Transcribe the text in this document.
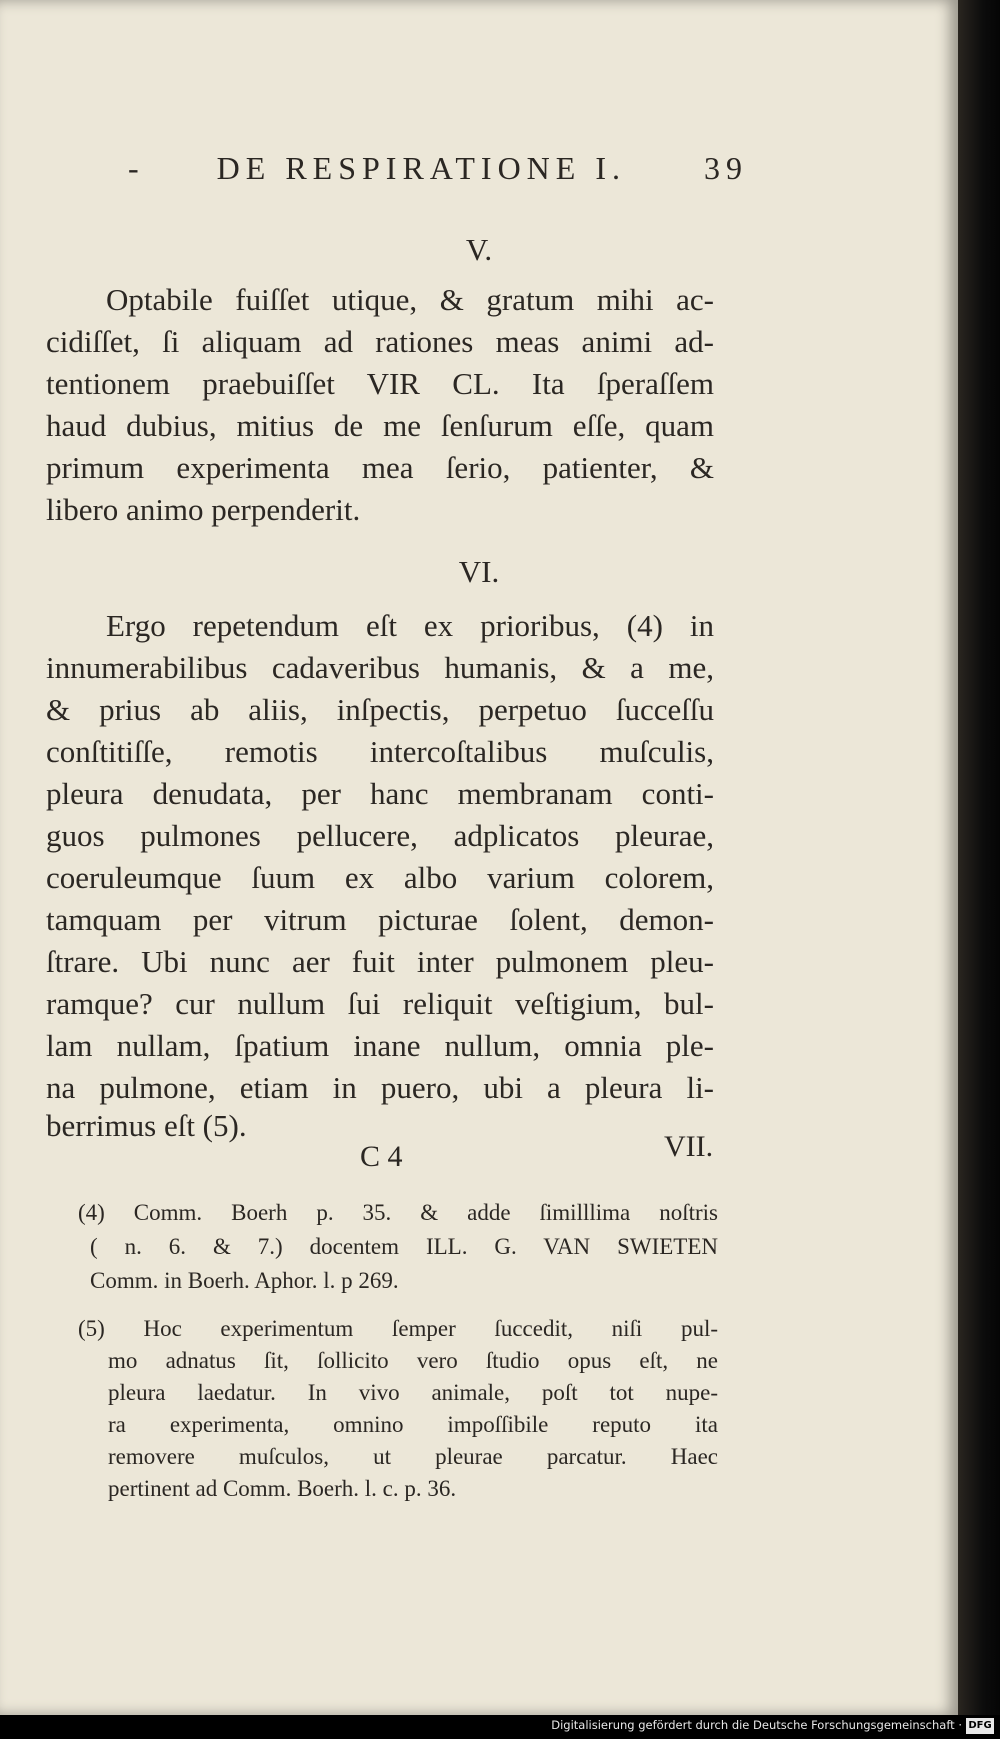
- DE RESPIRATIONE I. 39
V.
Optabile fuiſſet utique, & gratum mihi ac-
cidiſſet, ſi aliquam ad rationes meas animi ad-
tentionem praebuiſſet VIR CL. Ita ſperaſſem
haud dubius, mitius de me ſenſurum eſſe, quam
primum experimenta mea ſerio, patienter, &
libero animo perpenderit.
VI.
Ergo repetendum eſt ex prioribus, (4) in
innumerabilibus cadaveribus humanis, & a me,
& prius ab aliis, inſpectis, perpetuo ſucceſſu
conſtitiſſe, remotis intercoſtalibus muſculis,
pleura denudata, per hanc membranam conti-
guos pulmones pellucere, adplicatos pleurae,
coeruleumque ſuum ex albo varium colorem,
tamquam per vitrum picturae ſolent, demon-
ſtrare. Ubi nunc aer fuit inter pulmonem pleu-
ramque? cur nullum ſui reliquit veſtigium, bul-
lam nullam, ſpatium inane nullum, omnia ple-
na pulmone, etiam in puero, ubi a pleura li-
berrimus eſt (5).
C 4	VII.
(4) Comm. Boerh p. 35. & adde ſimilllima noſtris
( n. 6. & 7.) docentem ILL. G. VAN SWIETEN
Comm. in Boerh. Aphor. l. p 269.
(5) Hoc experimentum ſemper ſuccedit, niſi pul-
mo adnatus ſit, ſollicito vero ſtudio opus eſt, ne
pleura laedatur. In vivo animale, poſt tot nupe-
ra experimenta, omnino impoſſibile reputo ita
removere muſculos, ut pleurae parcatur. Haec
pertinent ad Comm. Boerh. l. c. p. 36.
Digitalisierung gefördert durch die Deutsche Forschungsgemeinschaft · DFG
